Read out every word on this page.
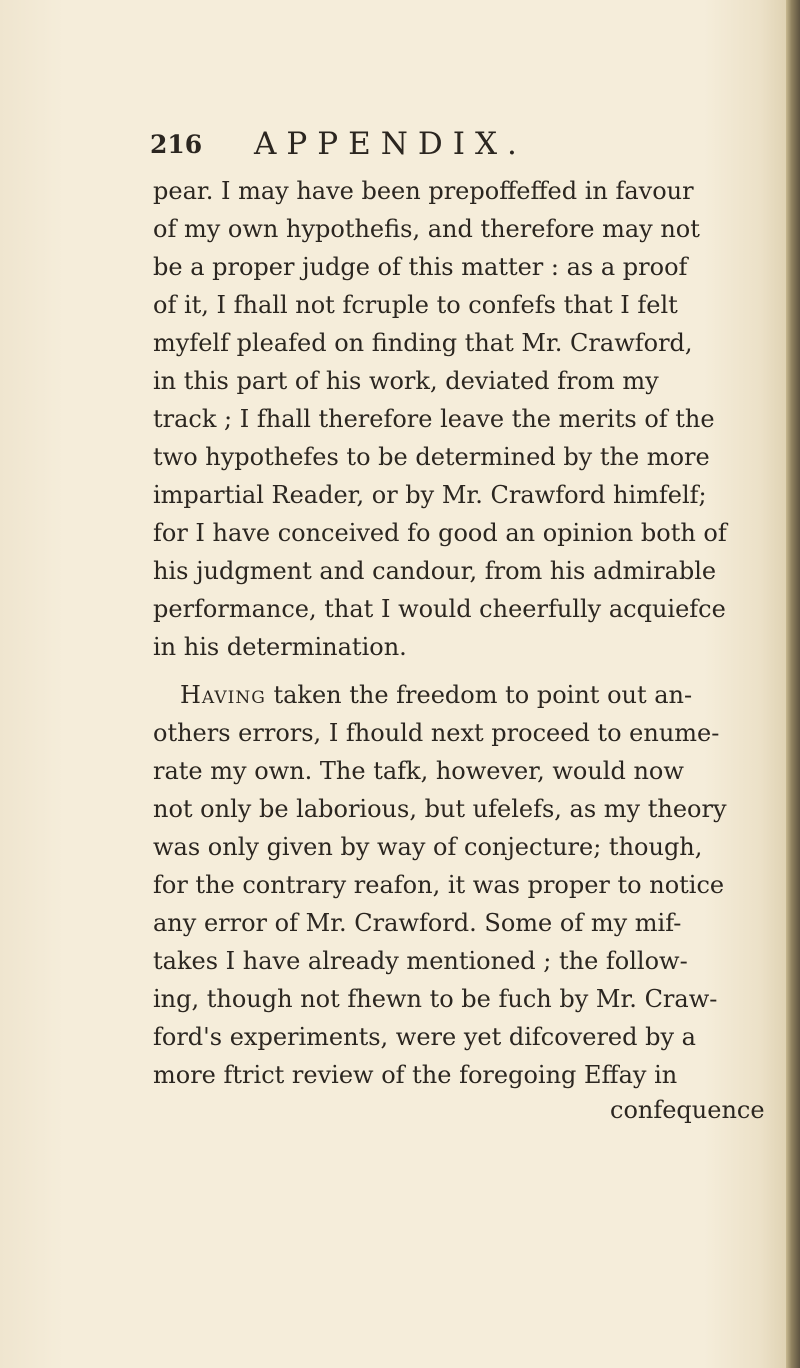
216 APPENDIX.
pear. I may have been prepoffeffed in favour
of my own hypothefis, and therefore may not
be a proper judge of this matter : as a proof
of it, I fhall not fcruple to confefs that I felt
myfelf pleafed on finding that Mr. Crawford,
in this part of his work, deviated from my
track ; I fhall therefore leave the merits of the
two hypothefes to be determined by the more
impartial Reader, or by Mr. Crawford himfelf;
for I have conceived fo good an opinion both of
his judgment and candour, from his admirable
performance, that I would cheerfully acquiefce
in his determination.
Having taken the freedom to point out an-
others errors, I fhould next proceed to enume-
rate my own. The tafk, however, would now
not only be laborious, but ufelefs, as my theory
was only given by way of conjecture; though,
for the contrary reafon, it was proper to notice
any error of Mr. Crawford. Some of my mif-
takes I have already mentioned ; the follow-
ing, though not fhewn to be fuch by Mr. Craw-
ford's experiments, were yet difcovered by a
more ftrict review of the foregoing Effay in
confequence
